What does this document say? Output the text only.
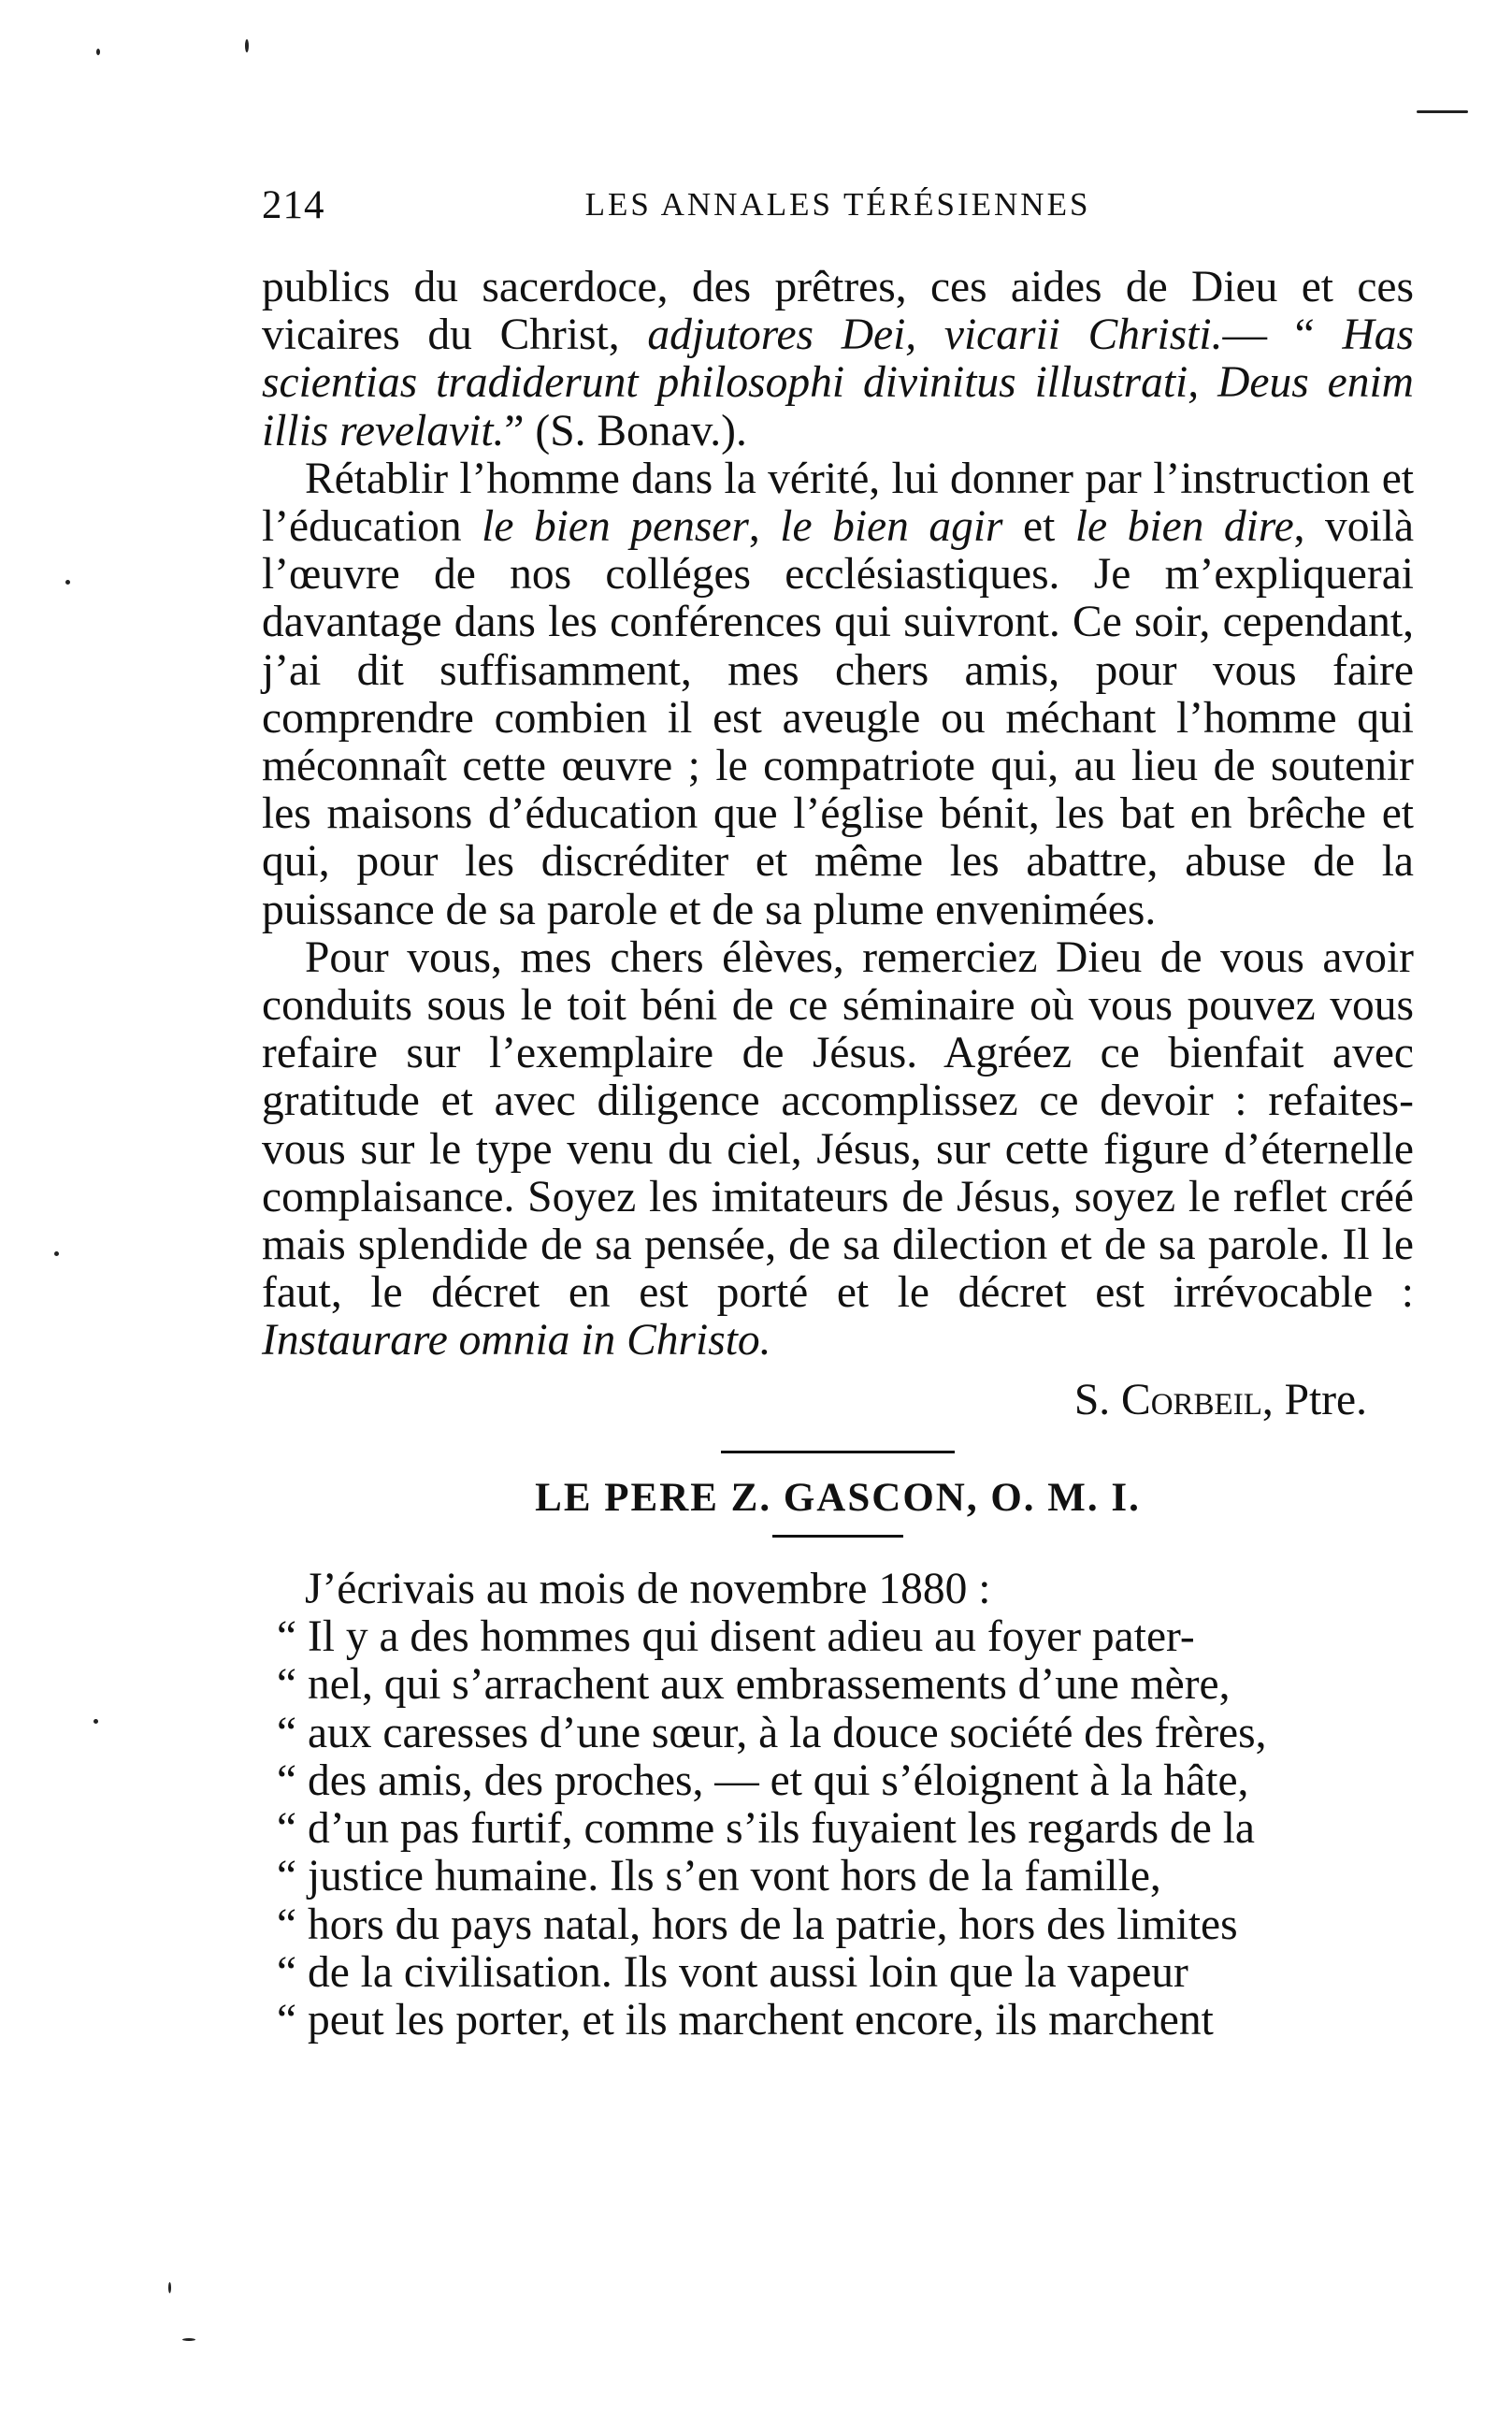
214	LES ANNALES TÉRÉSIENNES

publics du sacerdoce, des prêtres, ces aides de Dieu et ces vicaires du Christ, adjutores Dei, vicarii Christi.— “ Has scientias tradiderunt philosophi divinitus illustrati, Deus enim illis revelavit.” (S. Bonav.).

Rétablir l’homme dans la vérité, lui donner par l’instruction et l’éducation le bien penser, le bien agir et le bien dire, voilà l’œuvre de nos colléges ecclésiastiques. Je m’expliquerai davantage dans les conférences qui suivront. Ce soir, cependant, j’ai dit suffisamment, mes chers amis, pour vous faire comprendre combien il est aveugle ou méchant l’homme qui méconnaît cette œuvre ; le compatriote qui, au lieu de soutenir les maisons d’éducation que l’église bénit, les bat en brêche et qui, pour les discréditer et même les abattre, abuse de la puissance de sa parole et de sa plume envenimées.

Pour vous, mes chers élèves, remerciez Dieu de vous avoir conduits sous le toit béni de ce séminaire où vous pouvez vous refaire sur l’exemplaire de Jésus. Agréez ce bienfait avec gratitude et avec diligence accomplissez ce devoir : refaites-vous sur le type venu du ciel, Jésus, sur cette figure d’éternelle complaisance. Soyez les imitateurs de Jésus, soyez le reflet créé mais splendide de sa pensée, de sa dilection et de sa parole. Il le faut, le décret en est porté et le décret est irrévocable : Instaurare omnia in Christo.

S. Corbeil, Ptre.
LE PERE Z. GASCON, O. M. I.

J’écrivais au mois de novembre 1880 :

“ Il y a des hommes qui disent adieu au foyer pater-

“ nel, qui s’arrachent aux embrassements d’une mère,

“ aux caresses d’une sœur, à la douce société des frères,

“ des amis, des proches, — et qui s’éloignent à la hâte,

“ d’un pas furtif, comme s’ils fuyaient les regards de la

“ justice humaine. Ils s’en vont hors de la famille,

“ hors du pays natal, hors de la patrie, hors des limites

“ de la civilisation. Ils vont aussi loin que la vapeur

“ peut les porter, et ils marchent encore, ils marchent
